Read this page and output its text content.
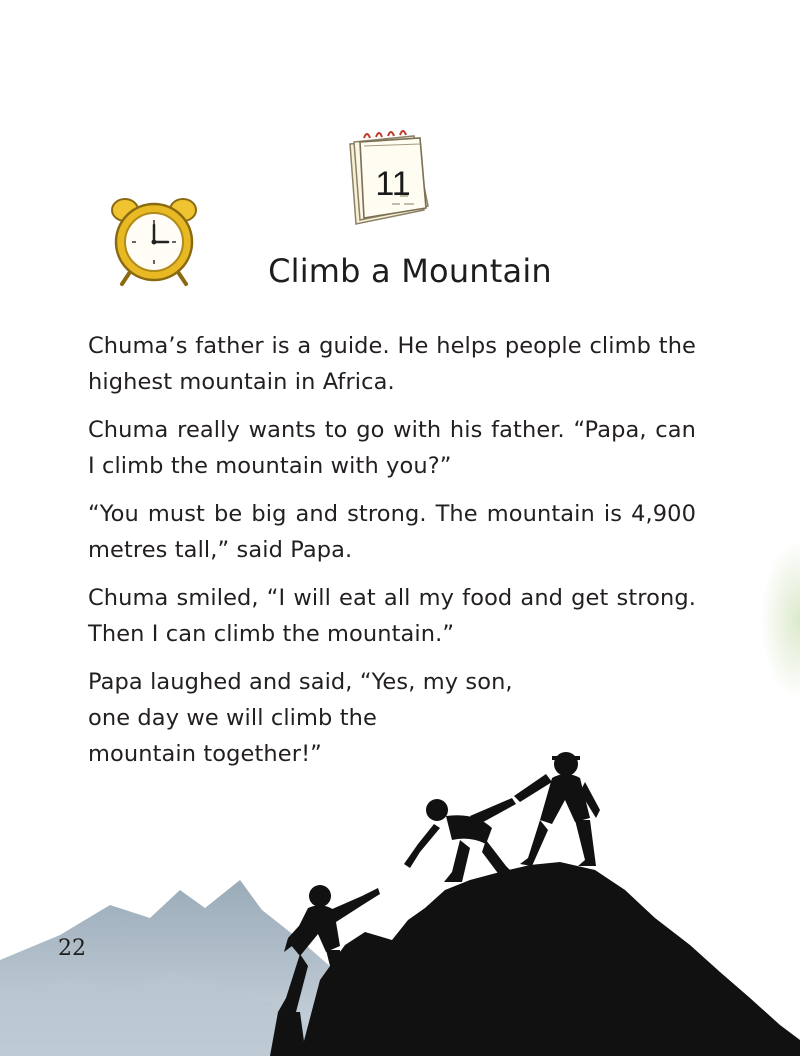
11
Climb a Mountain

Chuma’s father is a guide. He helps people climb the highest mountain in Africa.

Chuma really wants to go with his father. “Papa, can I climb the mountain with you?”

“You must be big and strong. The mountain is 4,900 metres tall,” said Papa.

Chuma smiled, “I will eat all my food and get strong. Then I can climb the mountain.”

Papa laughed and said, “Yes, my son,
one day we will climb the
mountain together!”

22
